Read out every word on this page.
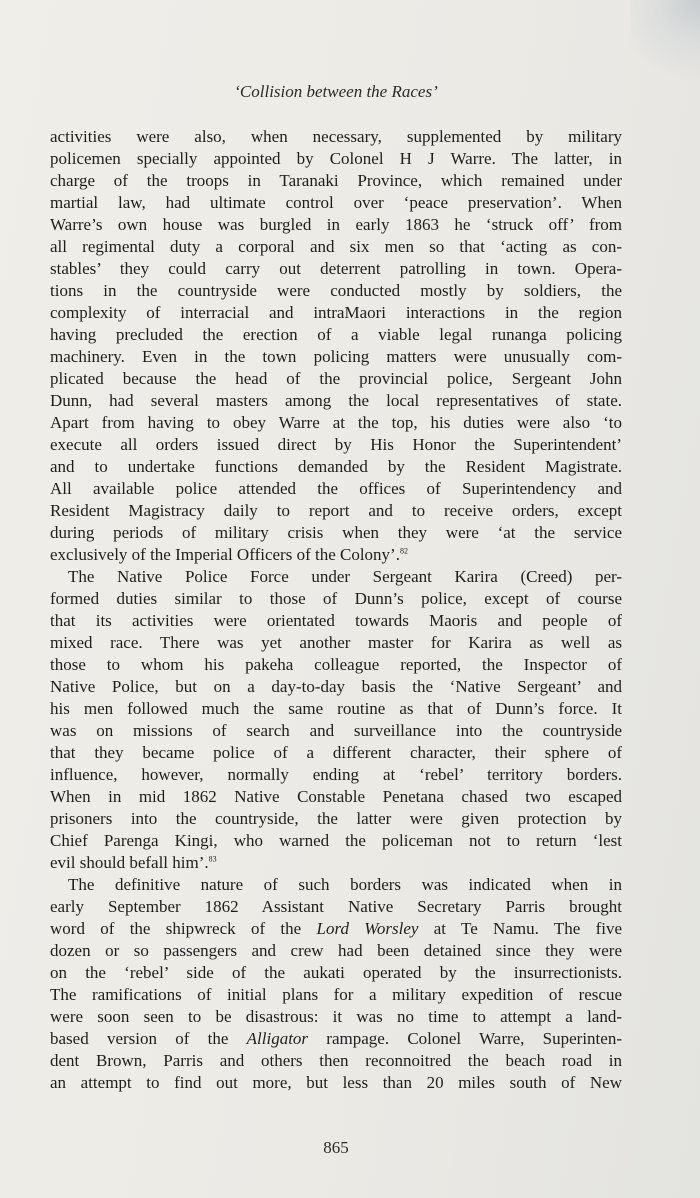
‘Collision between the Races’
activities were also, when necessary, supplemented by military
policemen specially appointed by Colonel H J Warre. The latter, in
charge of the troops in Taranaki Province, which remained under
martial law, had ultimate control over ‘peace preservation’. When
Warre’s own house was burgled in early 1863 he ‘struck off’ from
all regimental duty a corporal and six men so that ‘acting as con-
stables’ they could carry out deterrent patrolling in town. Opera-
tions in the countryside were conducted mostly by soldiers, the
complexity of interracial and intraMaori interactions in the region
having precluded the erection of a viable legal runanga policing
machinery. Even in the town policing matters were unusually com-
plicated because the head of the provincial police, Sergeant John
Dunn, had several masters among the local representatives of state.
Apart from having to obey Warre at the top, his duties were also ‘to
execute all orders issued direct by His Honor the Superintendent’
and to undertake functions demanded by the Resident Magistrate.
All available police attended the offices of Superintendency and
Resident Magistracy daily to report and to receive orders, except
during periods of military crisis when they were ‘at the service
exclusively of the Imperial Officers of the Colony’.$^{82}$
The Native Police Force under Sergeant Karira (Creed) per-
formed duties similar to those of Dunn’s police, except of course
that its activities were orientated towards Maoris and people of
mixed race. There was yet another master for Karira as well as
those to whom his pakeha colleague reported, the Inspector of
Native Police, but on a day-to-day basis the ‘Native Sergeant’ and
his men followed much the same routine as that of Dunn’s force. It
was on missions of search and surveillance into the countryside
that they became police of a different character, their sphere of
influence, however, normally ending at ‘rebel’ territory borders.
When in mid 1862 Native Constable Penetana chased two escaped
prisoners into the countryside, the latter were given protection by
Chief Parenga Kingi, who warned the policeman not to return ‘lest
evil should befall him’.$^{83}$
The definitive nature of such borders was indicated when in
early September 1862 Assistant Native Secretary Parris brought
word of the shipwreck of the Lord Worsley at Te Namu. The five
dozen or so passengers and crew had been detained since they were
on the ‘rebel’ side of the aukati operated by the insurrectionists.
The ramifications of initial plans for a military expedition of rescue
were soon seen to be disastrous: it was no time to attempt a land-
based version of the Alligator rampage. Colonel Warre, Superinten-
dent Brown, Parris and others then reconnoitred the beach road in
an attempt to find out more, but less than 20 miles south of New
865
